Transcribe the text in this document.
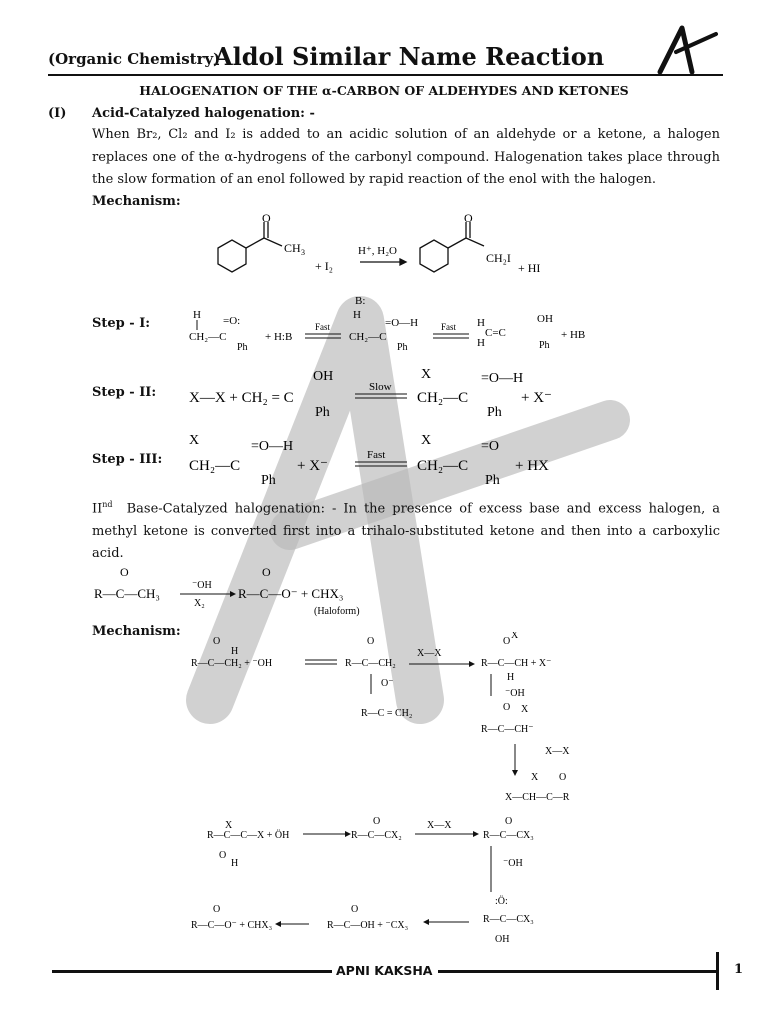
(Organic Chemistry)
Aldol Similar Name Reaction
HALOGENATION OF THE α-CARBON OF ALDEHYDES AND KETONES
(I) Acid-Catalyzed halogenation: -
When Br₂, Cl₂ and I₂ is added to an acidic solution of an aldehyde or a ketone, a halogen
replaces one of the α-hydrogens of the carbonyl compound. Halogenation takes place through
the slow formation of an enol followed by rapid reaction of the enol with the halogen.
Mechanism:
O
CH 3
+ I₂
H⁺, H₂O
O
CH₂I
+ HI
Step - I:
H
CH₂—C
=O:
Ph
+ H:B
Fast
H
CH₂—C
=O—H
B:
Ph
Fast H
H
C=C
OH
Ph
+ HB
Step - II: X—X + CH₂ = C
OH
Ph
Slow
X
CH₂—C
=O—H
Ph
+ X⁻
Step - III:
X
CH₂—C
=O—H
Ph
+ X⁻
Fast
X
CH₂—C
=O
Ph
+ HX
IInd Base-Catalyzed halogenation: - In the presence of excess base and excess halogen, a
methyl ketone is converted first into a trihalo-substituted ketone and then into a carboxylic
acid.
O
R—C—CH₃
⁻OH
X₂
O
R—C—O⁻ + CHX₃
(Haloform)
Mechanism:
O
H
R—C—CH₂ + ⁻OH
O
R—C—CH₂
X—X
O
X
R—C—CH + X⁻
O⁻
R—C = CH₂
H
⁻OH
O X
R—C—CH⁻
X—X
X O
X—CH—C—R
X
R—C—C—X + ÖH
O
H
O
R—C—CX₂
X—X	O
R—C—CX₃
⁻OH
:Ö:
R—C—CX₃
OH
O
R—C—OH + ⁻CX₃
O
R—C—O⁻ + CHX₃
APNI KAKSHA	1
